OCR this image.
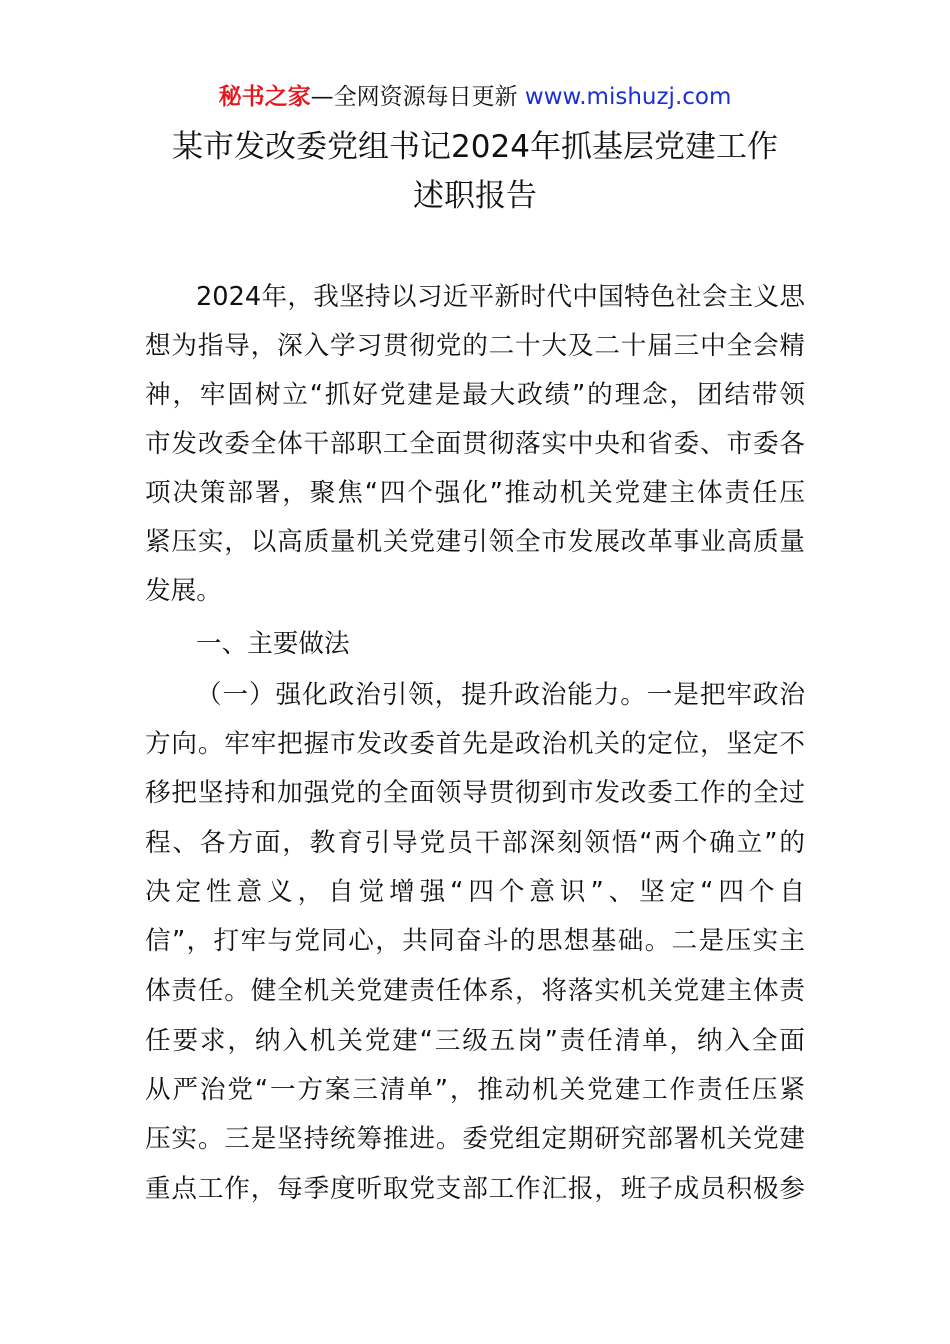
秘书之家—全网资源每日更新 www.mishuzj.com
某市发改委党组书记2024年抓基层党建工作
述职报告
2024年，我坚持以习近平新时代中国特色社会主义思
想为指导，深入学习贯彻党的二十大及二十届三中全会精
神，牢固树立“抓好党建是最大政绩”的理念，团结带领
市发改委全体干部职工全面贯彻落实中央和省委、市委各
项决策部署，聚焦“四个强化”推动机关党建主体责任压
紧压实，以高质量机关党建引领全市发展改革事业高质量
发展。
一、主要做法
（一）强化政治引领，提升政治能力。一是把牢政治
方向。牢牢把握市发改委首先是政治机关的定位，坚定不
移把坚持和加强党的全面领导贯彻到市发改委工作的全过
程、各方面，教育引导党员干部深刻领悟“两个确立”的
决定性意义，自觉增强“四个意识”、坚定“四个自
信”，打牢与党同心，共同奋斗的思想基础。二是压实主
体责任。健全机关党建责任体系，将落实机关党建主体责
任要求，纳入机关党建“三级五岗”责任清单，纳入全面
从严治党“一方案三清单”，推动机关党建工作责任压紧
压实。三是坚持统筹推进。委党组定期研究部署机关党建
重点工作，每季度听取党支部工作汇报，班子成员积极参
